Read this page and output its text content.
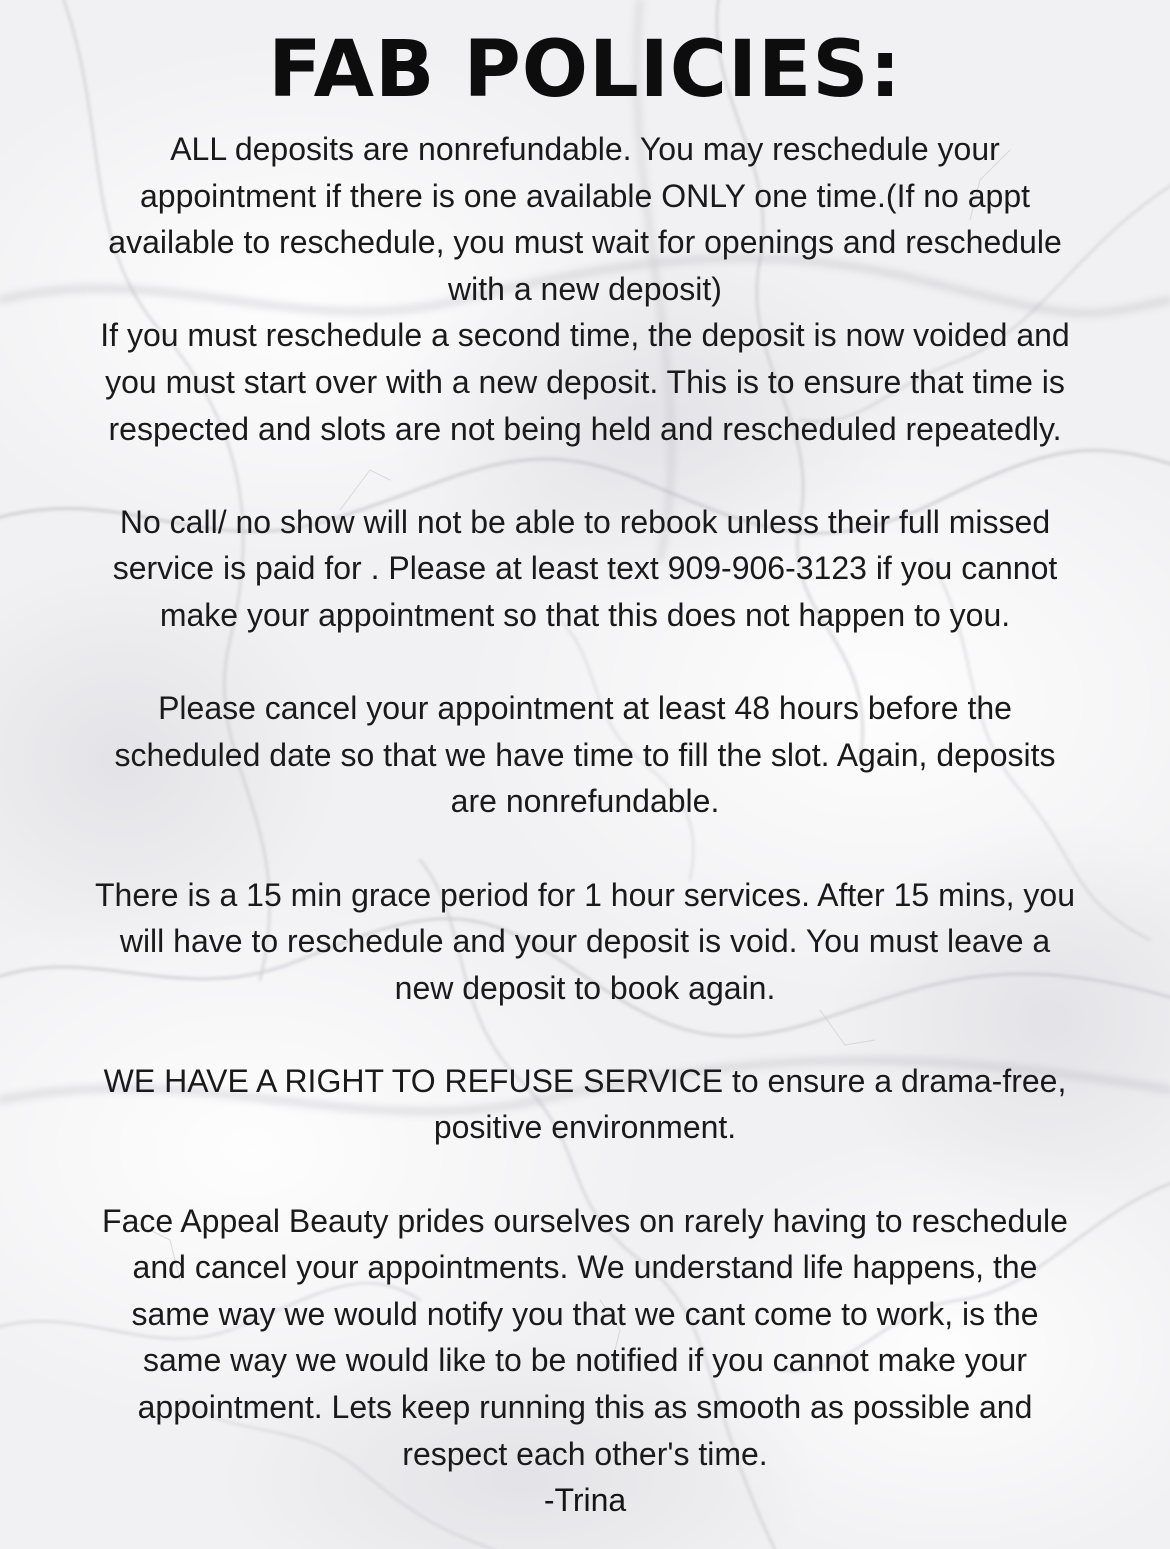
FAB POLICIES:

ALL deposits are nonrefundable. You may reschedule your
appointment if there is one available ONLY one time.(If no appt
available to reschedule, you must wait for openings and reschedule
with a new deposit)
If you must reschedule a second time, the deposit is now voided and
you must start over with a new deposit. This is to ensure that time is
respected and slots are not being held and rescheduled repeatedly.

No call/ no show will not be able to rebook unless their full missed
service is paid for . Please at least text 909-906-3123 if you cannot
make your appointment so that this does not happen to you.

Please cancel your appointment at least 48 hours before the
scheduled date so that we have time to fill the slot. Again, deposits
are nonrefundable.

There is a 15 min grace period for 1 hour services. After 15 mins, you
will have to reschedule and your deposit is void. You must leave a
new deposit to book again.

WE HAVE A RIGHT TO REFUSE SERVICE to ensure a drama-free,
positive environment.

Face Appeal Beauty prides ourselves on rarely having to reschedule
and cancel your appointments. We understand life happens, the
same way we would notify you that we cant come to work, is the
same way we would like to be notified if you cannot make your
appointment. Lets keep running this as smooth as possible and
respect each other's time.

-Trina
